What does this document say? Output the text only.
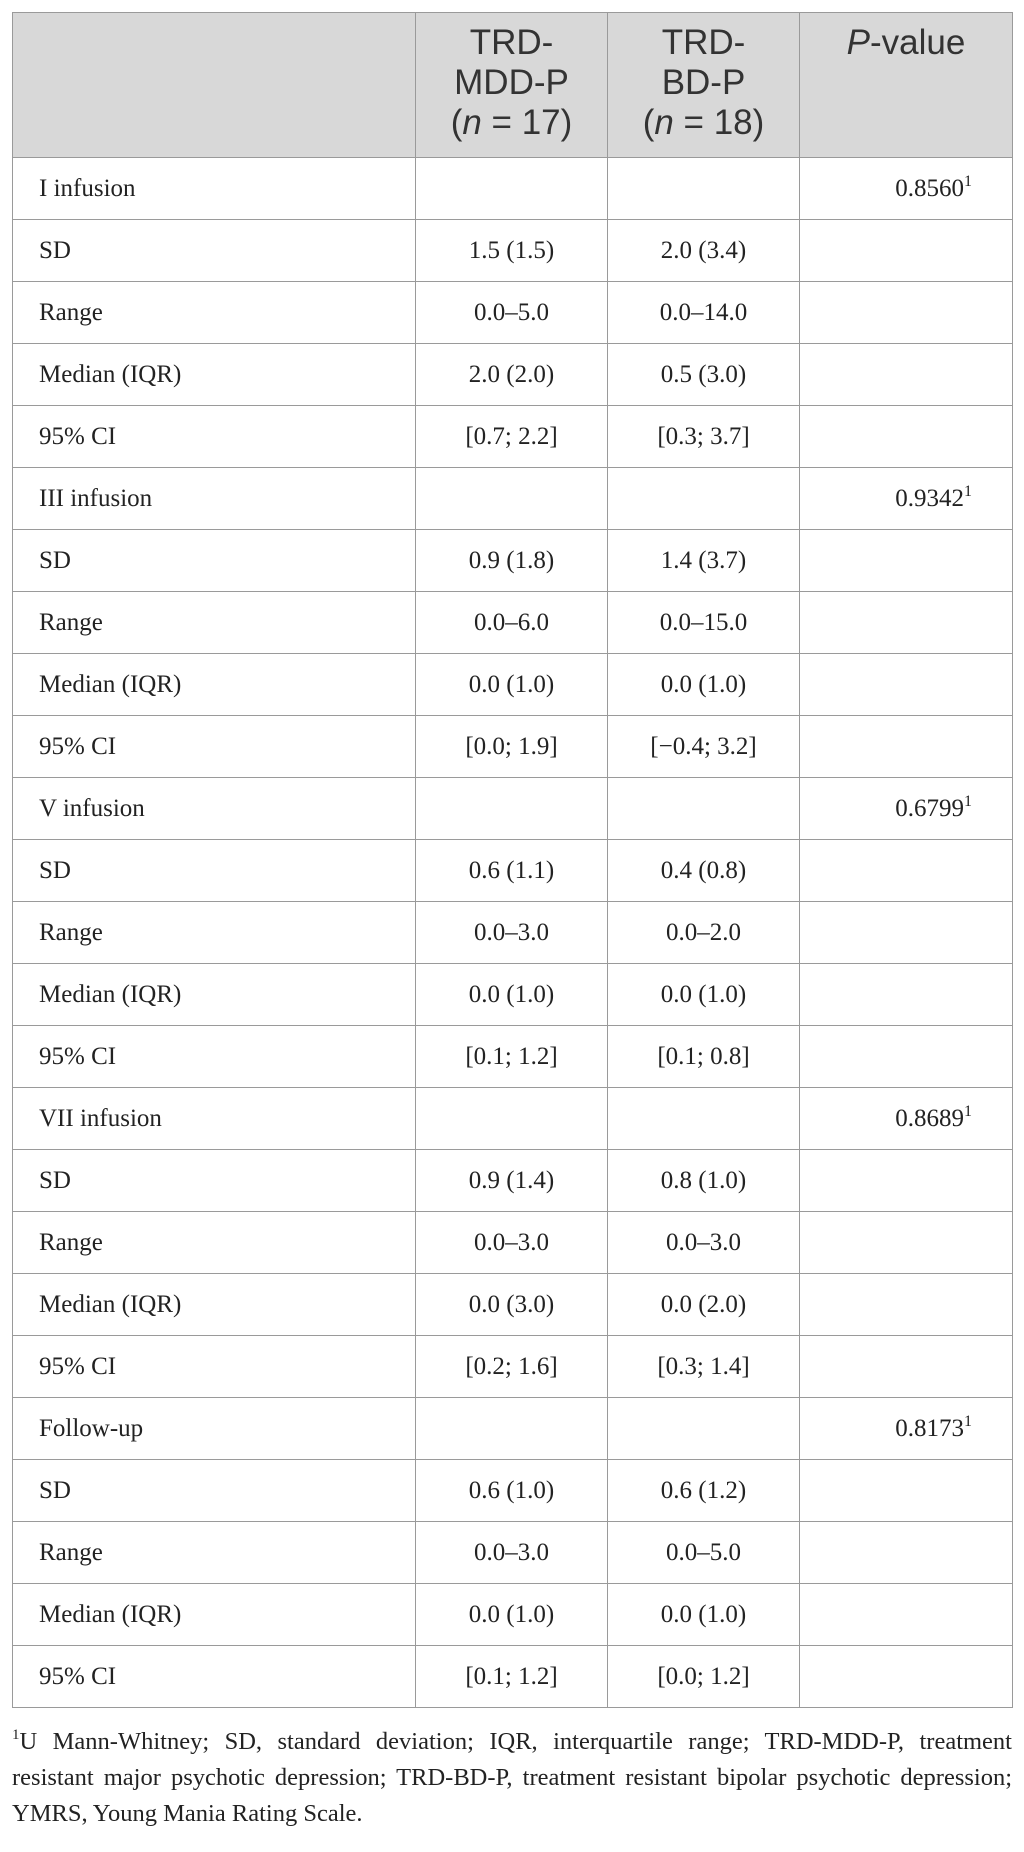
	TRD-
MDD-P
(n = 17)	TRD-
BD-P
(n = 18)	P-value

I infusion			0.8560$^1$
SD	1.5 (1.5)	2.0 (3.4)	
Range	0.0–5.0	0.0–14.0	
Median (IQR)	2.0 (2.0)	0.5 (3.0)	
95% CI	[0.7; 2.2]	[0.3; 3.7]	
III infusion			0.9342$^1$
SD	0.9 (1.8)	1.4 (3.7)	
Range	0.0–6.0	0.0–15.0	
Median (IQR)	0.0 (1.0)	0.0 (1.0)	
95% CI	[0.0; 1.9]	[−0.4; 3.2]	
V infusion			0.6799$^1$
SD	0.6 (1.1)	0.4 (0.8)	
Range	0.0–3.0	0.0–2.0	
Median (IQR)	0.0 (1.0)	0.0 (1.0)	
95% CI	[0.1; 1.2]	[0.1; 0.8]	
VII infusion			0.8689$^1$
SD	0.9 (1.4)	0.8 (1.0)	
Range	0.0–3.0	0.0–3.0	
Median (IQR)	0.0 (3.0)	0.0 (2.0)	
95% CI	[0.2; 1.6]	[0.3; 1.4]	
Follow-up			0.8173$^1$
SD	0.6 (1.0)	0.6 (1.2)	
Range	0.0–3.0	0.0–5.0	
Median (IQR)	0.0 (1.0)	0.0 (1.0)	
95% CI	[0.1; 1.2]	[0.0; 1.2]	
$^1$U Mann-Whitney; SD, standard deviation; IQR, interquartile range; TRD-MDD-P, treatment resistant major psychotic depression; TRD-BD-P, treatment resistant bipolar psychotic depression; YMRS, Young Mania Rating Scale.
